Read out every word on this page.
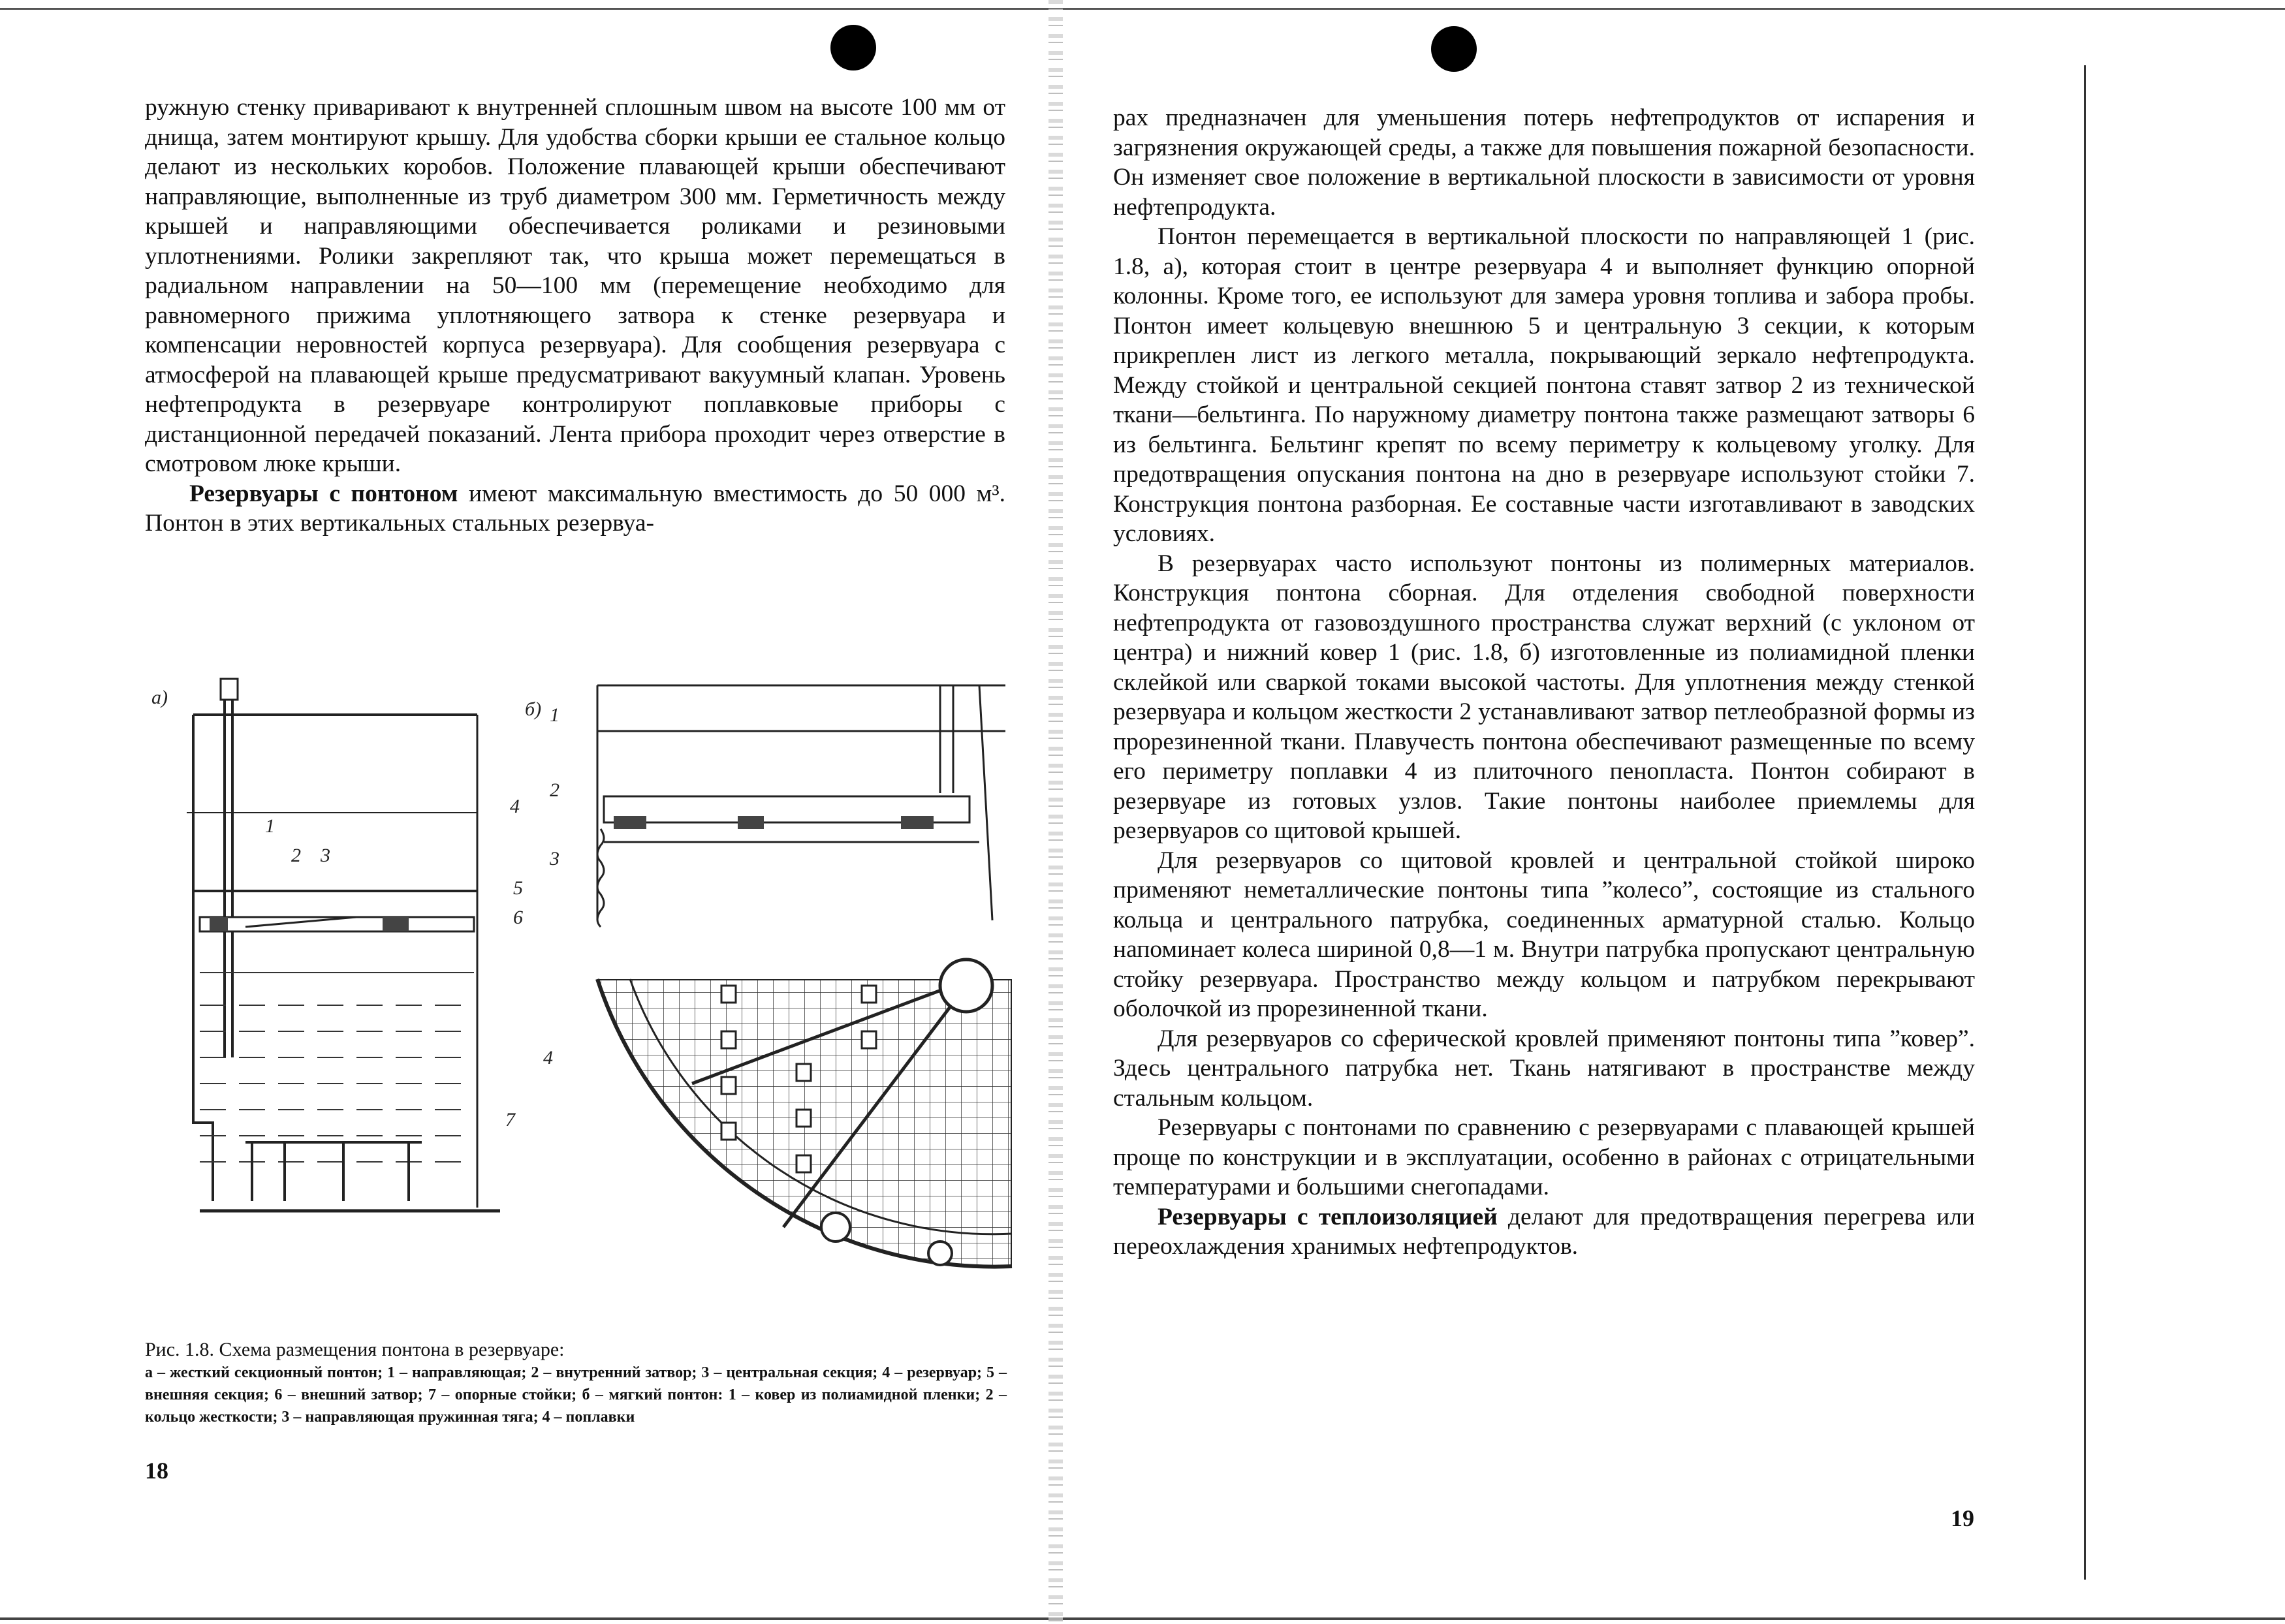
ружную стенку приваривают к внутренней сплошным швом на высоте 100 мм от днища, затем монтируют крышу. Для удобства сборки крыши ее стальное кольцо делают из нескольких коробов. Положение плавающей крыши обеспечивают направляющие, выполненные из труб диаметром 300 мм. Герметичность между крышей и направляющими обеспечивается роликами и резиновыми уплотнениями. Ролики закрепляют так, что крыша может перемещаться в радиальном направлении на 50—100 мм (перемещение необходимо для равномерного прижима уплотняющего затвора к стенке резервуара и компенсации неровностей корпуса резервуара). Для сообщения резервуара с атмосферой на плавающей крыше предусматривают вакуумный клапан. Уровень нефтепродукта в резервуаре контролируют поплавковые приборы с дистанционной передачей показаний. Лента прибора проходит через отверстие в смотровом люке крыши.

Резервуары с понтоном имеют максимальную вместимость до 50 000 м³. Понтон в этих вертикальных стальных резервуа-

а)
1
2 3
4
5
6
7
б) 1
2
3
4
Рис. 1.8. Схема размещения понтона в резервуаре:
а – жесткий секционный понтон; 1 – направляющая; 2 – внутренний затвор; 3 – центральная секция; 4 – резервуар; 5 – внешняя секция; 6 – внешний затвор; 7 – опорные стойки; б – мягкий понтон: 1 – ковер из полиамидной пленки; 2 – кольцо жесткости; 3 – направляющая пружинная тяга; 4 – поплавки
18

рах предназначен для уменьшения потерь нефтепродуктов от испарения и загрязнения окружающей среды, а также для повышения пожарной безопасности. Он изменяет свое положение в вертикальной плоскости в зависимости от уровня нефтепродукта.

Понтон перемещается в вертикальной плоскости по направляющей 1 (рис. 1.8, а), которая стоит в центре резервуара 4 и выполняет функцию опорной колонны. Кроме того, ее используют для замера уровня топлива и забора пробы. Понтон имеет кольцевую внешнюю 5 и центральную 3 секции, к которым прикреплен лист из легкого металла, покрывающий зеркало нефтепродукта. Между стойкой и центральной секцией понтона ставят затвор 2 из технической ткани—бельтинга. По наружному диаметру понтона также размещают затворы 6 из бельтинга. Бельтинг крепят по всему периметру к кольцевому уголку. Для предотвращения опускания понтона на дно в резервуаре используют стойки 7. Конструкция понтона разборная. Ее составные части изготавливают в заводских условиях.

В резервуарах часто используют понтоны из полимерных материалов. Конструкция понтона сборная. Для отделения свободной поверхности нефтепродукта от газовоздушного пространства служат верхний (с уклоном от центра) и нижний ковер 1 (рис. 1.8, б) изготовленные из полиамидной пленки склейкой или сваркой токами высокой частоты. Для уплотнения между стенкой резервуара и кольцом жесткости 2 устанавливают затвор петлеобразной формы из прорезиненной ткани. Плавучесть понтона обеспечивают размещенные по всему его периметру поплавки 4 из плиточного пенопласта. Понтон собирают в резервуаре из готовых узлов. Такие понтоны наиболее приемлемы для резервуаров со щитовой крышей.

Для резервуаров со щитовой кровлей и центральной стойкой широко применяют неметаллические понтоны типа ”колесо”, состоящие из стального кольца и центрального патрубка, соединенных арматурной сталью. Кольцо напоминает колеса шириной 0,8—1 м. Внутри патрубка пропускают центральную стойку резервуара. Пространство между кольцом и патрубком перекрывают оболочкой из прорезиненной ткани.

Для резервуаров со сферической кровлей применяют понтоны типа ”ковер”. Здесь центрального патрубка нет. Ткань натягивают в пространстве между стальным кольцом.

Резервуары с понтонами по сравнению с резервуарами с плавающей крышей проще по конструкции и в эксплуатации, особенно в районах с отрицательными температурами и большими снегопадами.

Резервуары с теплоизоляцией делают для предотвращения перегрева или переохлаждения хранимых нефтепродуктов.

19
